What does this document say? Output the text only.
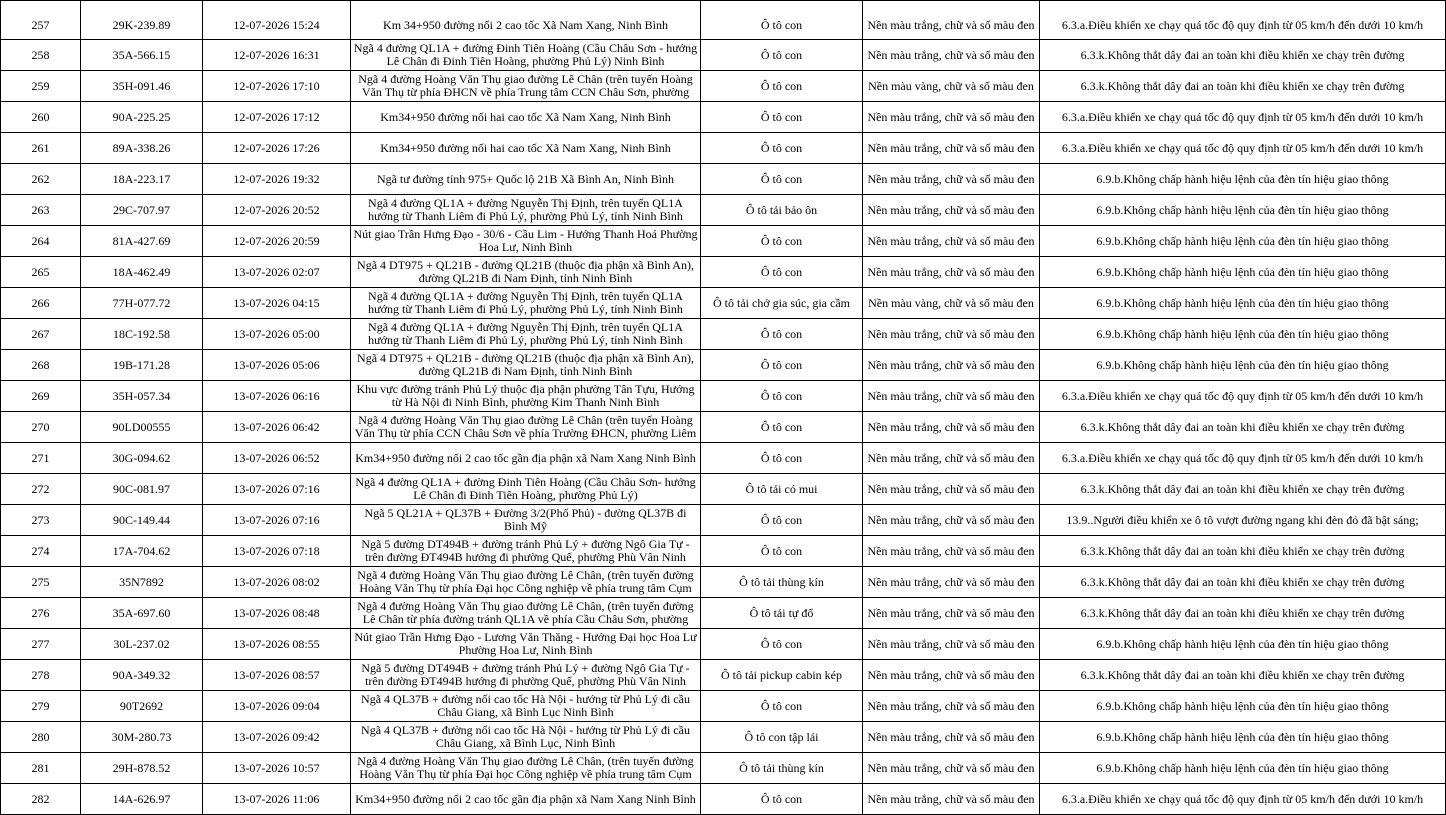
257	29K-239.89	12-07-2026 15:24	Km 34+950 đường nối 2 cao tốc Xã Nam Xang, Ninh Bình	Ô tô con	Nền màu trắng, chữ và số màu đen	6.3.a.Điều khiển xe chạy quá tốc độ quy định từ 05 km/h đến dưới 10 km/h
258	35A-566.15	12-07-2026 16:31	Ngã 4 đường QL1A + đường Đinh Tiên Hoàng (Cầu Châu Sơn - hướng Lê Chân đi Đinh Tiên Hoàng, phường Phủ Lý) Ninh Bình	Ô tô con	Nền màu trắng, chữ và số màu đen	6.3.k.Không thắt dây đai an toàn khi điều khiển xe chạy trên đường
259	35H-091.46	12-07-2026 17:10	Ngã 4 đường Hoàng Văn Thụ giao đường Lê Chân (trên tuyến Hoàng Văn Thụ từ phía ĐHCN về phía Trung tâm CCN Châu Sơn, phường	Ô tô con	Nền màu vàng, chữ và số màu đen	6.3.k.Không thắt dây đai an toàn khi điều khiển xe chạy trên đường
260	90A-225.25	12-07-2026 17:12	Km34+950 đường nối hai cao tốc Xã Nam Xang, Ninh Bình	Ô tô con	Nền màu trắng, chữ và số màu đen	6.3.a.Điều khiển xe chạy quá tốc độ quy định từ 05 km/h đến dưới 10 km/h
261	89A-338.26	12-07-2026 17:26	Km34+950 đường nối hai cao tốc Xã Nam Xang, Ninh Bình	Ô tô con	Nền màu trắng, chữ và số màu đen	6.3.a.Điều khiển xe chạy quá tốc độ quy định từ 05 km/h đến dưới 10 km/h
262	18A-223.17	12-07-2026 19:32	Ngã tư đường tỉnh 975+ Quốc lộ 21B Xã Bình An, Ninh Bình	Ô tô con	Nền màu trắng, chữ và số màu đen	6.9.b.Không chấp hành hiệu lệnh của đèn tín hiệu giao thông
263	29C-707.97	12-07-2026 20:52	Ngã 4 đường QL1A + đường Nguyễn Thị Định, trên tuyến QL1A hướng từ Thanh Liêm đi Phủ Lý, phường Phủ Lý, tỉnh Ninh Bình	Ô tô tải bảo ôn	Nền màu trắng, chữ và số màu đen	6.9.b.Không chấp hành hiệu lệnh của đèn tín hiệu giao thông
264	81A-427.69	12-07-2026 20:59	Nút giao Trần Hưng Đạo - 30/6 - Cầu Lim - Hướng Thanh Hoá Phường Hoa Lư, Ninh Bình	Ô tô con	Nền màu trắng, chữ và số màu đen	6.9.b.Không chấp hành hiệu lệnh của đèn tín hiệu giao thông
265	18A-462.49	13-07-2026 02:07	Ngã 4 DT975 + QL21B - đường QL21B (thuộc địa phận xã Bình An), đường QL21B đi Nam Định, tỉnh Ninh Bình	Ô tô con	Nền màu trắng, chữ và số màu đen	6.9.b.Không chấp hành hiệu lệnh của đèn tín hiệu giao thông
266	77H-077.72	13-07-2026 04:15	Ngã 4 đường QL1A + đường Nguyễn Thị Định, trên tuyến QL1A hướng từ Thanh Liêm đi Phủ Lý, phường Phủ Lý, tỉnh Ninh Bình	Ô tô tải chở gia súc, gia cầm	Nền màu vàng, chữ và số màu đen	6.9.b.Không chấp hành hiệu lệnh của đèn tín hiệu giao thông
267	18C-192.58	13-07-2026 05:00	Ngã 4 đường QL1A + đường Nguyễn Thị Định, trên tuyến QL1A hướng từ Thanh Liêm đi Phủ Lý, phường Phủ Lý, tỉnh Ninh Bình	Ô tô con	Nền màu trắng, chữ và số màu đen	6.9.b.Không chấp hành hiệu lệnh của đèn tín hiệu giao thông
268	19B-171.28	13-07-2026 05:06	Ngã 4 DT975 + QL21B - đường QL21B (thuộc địa phận xã Bình An), đường QL21B đi Nam Định, tỉnh Ninh Bình	Ô tô con	Nền màu trắng, chữ và số màu đen	6.9.b.Không chấp hành hiệu lệnh của đèn tín hiệu giao thông
269	35H-057.34	13-07-2026 06:16	Khu vực đường tránh Phủ Lý thuộc địa phận phường Tân Tựu, Hướng từ Hà Nội đi Ninh Bình, phường Kim Thanh Ninh Bình	Ô tô con	Nền màu trắng, chữ và số màu đen	6.3.a.Điều khiển xe chạy quá tốc độ quy định từ 05 km/h đến dưới 10 km/h
270	90LD00555	13-07-2026 06:42	Ngã 4 đường Hoàng Văn Thụ giao đường Lê Chân (trên tuyến Hoàng Văn Thụ từ phía CCN Châu Sơn về phía Trường ĐHCN, phường Liêm	Ô tô con	Nền màu trắng, chữ và số màu đen	6.3.k.Không thắt dây đai an toàn khi điều khiển xe chạy trên đường
271	30G-094.62	13-07-2026 06:52	Km34+950 đường nối 2 cao tốc gần địa phận xã Nam Xang Ninh Bình	Ô tô con	Nền màu trắng, chữ và số màu đen	6.3.a.Điều khiển xe chạy quá tốc độ quy định từ 05 km/h đến dưới 10 km/h
272	90C-081.97	13-07-2026 07:16	Ngã 4 đường QL1A + đường Đinh Tiên Hoàng (Cầu Châu Sơn- hướng Lê Chân đi Đinh Tiên Hoàng, phường Phủ Lý)	Ô tô tải có mui	Nền màu trắng, chữ và số màu đen	6.3.k.Không thắt dây đai an toàn khi điều khiển xe chạy trên đường
273	90C-149.44	13-07-2026 07:16	Ngã 5 QL21A + QL37B + Đường 3/2(Phố Phủ) - đường QL37B đi Bình Mỹ	Ô tô con	Nền màu trắng, chữ và số màu đen	13.9..Người điều khiển xe ô tô vượt đường ngang khi đèn đỏ đã bật sáng;
274	17A-704.62	13-07-2026 07:18	Ngã 5 đường DT494B + đường tránh Phủ Lý + đường Ngô Gia Tự - trên đường ĐT494B hướng đi phường Quế, phường Phù Vân Ninh	Ô tô con	Nền màu trắng, chữ và số màu đen	6.3.k.Không thắt dây đai an toàn khi điều khiển xe chạy trên đường
275	35N7892	13-07-2026 08:02	Ngã 4 đường Hoàng Văn Thụ giao đường Lê Chân, (trên tuyến đường Hoàng Văn Thụ từ phía Đại học Công nghiệp về phía trung tâm Cụm	Ô tô tải thùng kín	Nền màu trắng, chữ và số màu đen	6.3.k.Không thắt dây đai an toàn khi điều khiển xe chạy trên đường
276	35A-697.60	13-07-2026 08:48	Ngã 4 đường Hoàng Văn Thụ giao đường Lê Chân, (trên tuyến đường Lê Chân từ phía đường tránh QL1A về phía Cầu Châu Sơn, phường	Ô tô tải tự đổ	Nền màu trắng, chữ và số màu đen	6.3.k.Không thắt dây đai an toàn khi điều khiển xe chạy trên đường
277	30L-237.02	13-07-2026 08:55	Nút giao Trần Hưng Đạo - Lương Văn Thăng - Hướng Đại học Hoa Lư Phường Hoa Lư, Ninh Bình	Ô tô con	Nền màu trắng, chữ và số màu đen	6.9.b.Không chấp hành hiệu lệnh của đèn tín hiệu giao thông
278	90A-349.32	13-07-2026 08:57	Ngã 5 đường DT494B + đường tránh Phủ Lý + đường Ngô Gia Tự - trên đường ĐT494B hướng đi phường Quế, phường Phù Vân Ninh	Ô tô tải pickup cabin kép	Nền màu trắng, chữ và số màu đen	6.3.k.Không thắt dây đai an toàn khi điều khiển xe chạy trên đường
279	90T2692	13-07-2026 09:04	Ngã 4 QL37B + đường nối cao tốc Hà Nội - hướng từ Phủ Lý đi cầu Châu Giang, xã Bình Lục Ninh Bình	Ô tô con	Nền màu trắng, chữ và số màu đen	6.9.b.Không chấp hành hiệu lệnh của đèn tín hiệu giao thông
280	30M-280.73	13-07-2026 09:42	Ngã 4 QL37B + đường nối cao tốc Hà Nội - hướng từ Phủ Lý đi cầu Châu Giang, xã Bình Lục, Ninh Bình	Ô tô con tập lái	Nền màu trắng, chữ và số màu đen	6.9.b.Không chấp hành hiệu lệnh của đèn tín hiệu giao thông
281	29H-878.52	13-07-2026 10:57	Ngã 4 đường Hoàng Văn Thụ giao đường Lê Chân, (trên tuyến đường Hoàng Văn Thụ từ phía Đại học Công nghiệp về phía trung tâm Cụm	Ô tô tải thùng kín	Nền màu trắng, chữ và số màu đen	6.9.b.Không chấp hành hiệu lệnh của đèn tín hiệu giao thông
282	14A-626.97	13-07-2026 11:06	Km34+950 đường nối 2 cao tốc gần địa phận xã Nam Xang Ninh Bình	Ô tô con	Nền màu trắng, chữ và số màu đen	6.3.a.Điều khiển xe chạy quá tốc độ quy định từ 05 km/h đến dưới 10 km/h
